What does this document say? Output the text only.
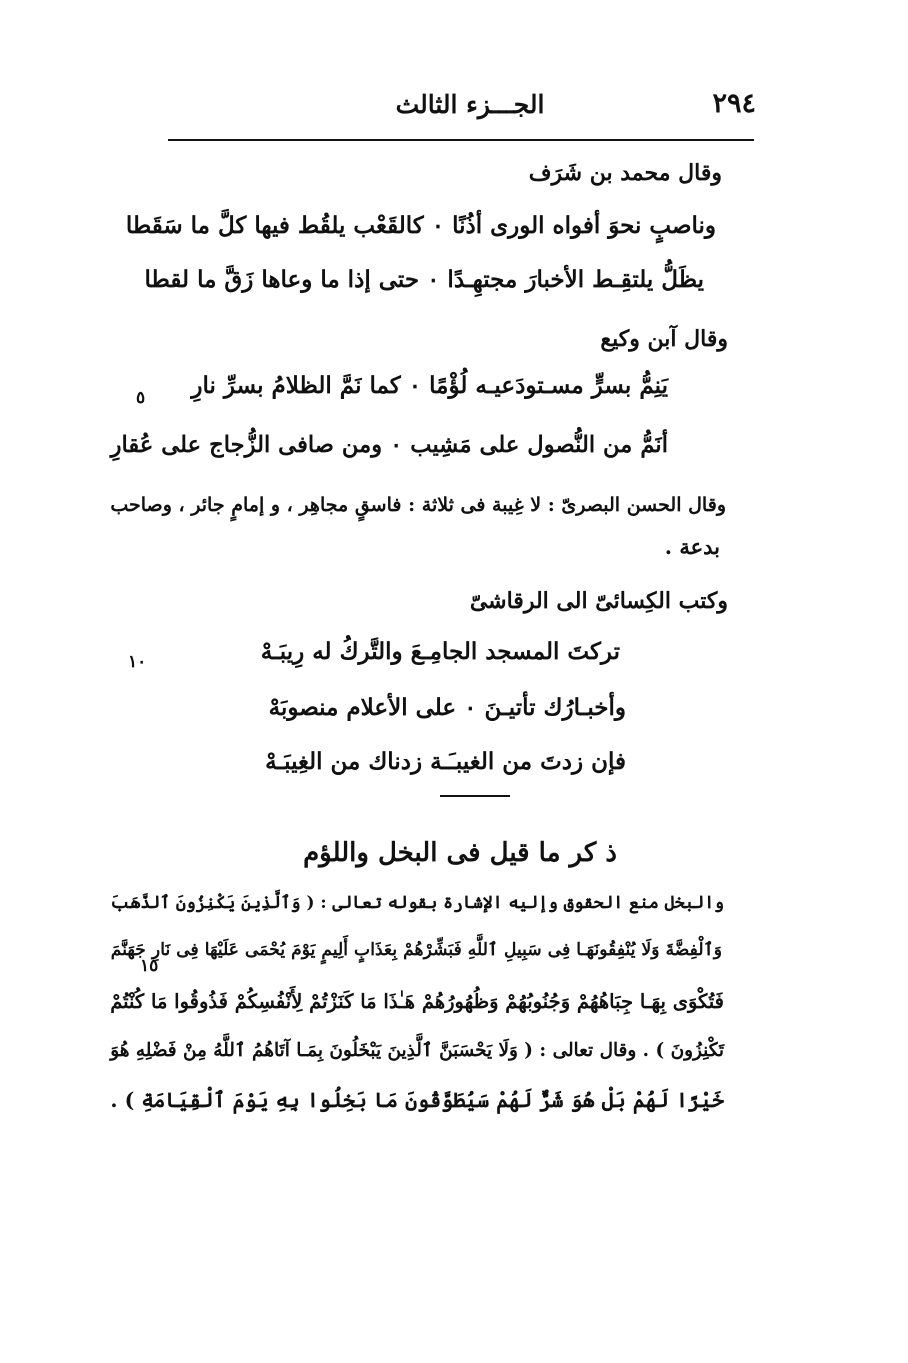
٢٩٤
الجـــزء الثالث
وقال محمد بن شَرَف
وناصبٍ نحوَ أفواه الورى أذُنًا ۰ كالقَعْب يلقُط فيها كلَّ ما سَقَطا
يظَلُّ يلتقِـط الأخبارَ مجتهِـدًا ۰ حتى إذا ما وعاها زَقَّ ما لقطا
وقال آبن وكيع
يَنِمُّ بسرٍّ مسـتودَعيـه لُؤْمًا ۰ كما نَمَّ الظلامُ بسرِّ نارِ
٥
أنَمُّ من النُّصول على مَشِيب ۰ ومن صافى الزُّجاج على عُقارِ
وقال الحسن البصرىّ : لا غِيبة فى ثلاثة : فاسقٍ مجاهِر ، و إمامٍ جائر ، وصاحب
بدعة .
وكتب الكِسائىّ الى الرقاشىّ
تركتَ المسجد الجامِـعَ والتَّركُ له رِيبَـهْ
١٠
وأخبـارُك تأتيـنَ ۰ على الأعلام منصوبَهْ
فإن زدتَ من الغيبـَـة زدناك من الغِيبَـهْ
ذ كر ما قيل فى البخل واللؤم
والبخل منع الحقوق وإليه الإشارة بقوله تعالى : ( وَٱلَّذِينَ يَكْنِزُونَ ٱلذَّهَبَ
وَٱلْفِضَّةَ وَلَا يُنْفِقُونَهَـا فِى سَبِيلِ ٱللَّهِ فَبَشِّرْهُمْ بِعَذَابٍ أَلِيمٍ يَوْمَ يُحْمَى عَلَيْهَا فِى نَارِ جَهَنَّمَ
١٥
فَتُكْوَى بِهَـا جِبَاهُهُمْ وَجُنُوبُهُمْ وَظُهُورُهُمْ هَـٰذَا مَا كَنَزْتُمْ لِأَنْفُسِكُمْ فَذُوقُوا مَا كُنْتُمْ
تَكْنِزُونَ ) . وقال تعالى : ( وَلَا يَحْسَبَنَّ ٱلَّذِينَ يَبْخَلُونَ بِمَـا آتَاهُمُ ٱللَّهُ مِنْ فَضْلِهِ هُوَ
خَيْرًا لَهُمْ بَلْ هُوَ شَرٌّ لَهُمْ سَيُطَوَّقُونَ مَا بَخِلُوا بِهِ يَوْمَ ٱلْقِيَامَةِ ) .
